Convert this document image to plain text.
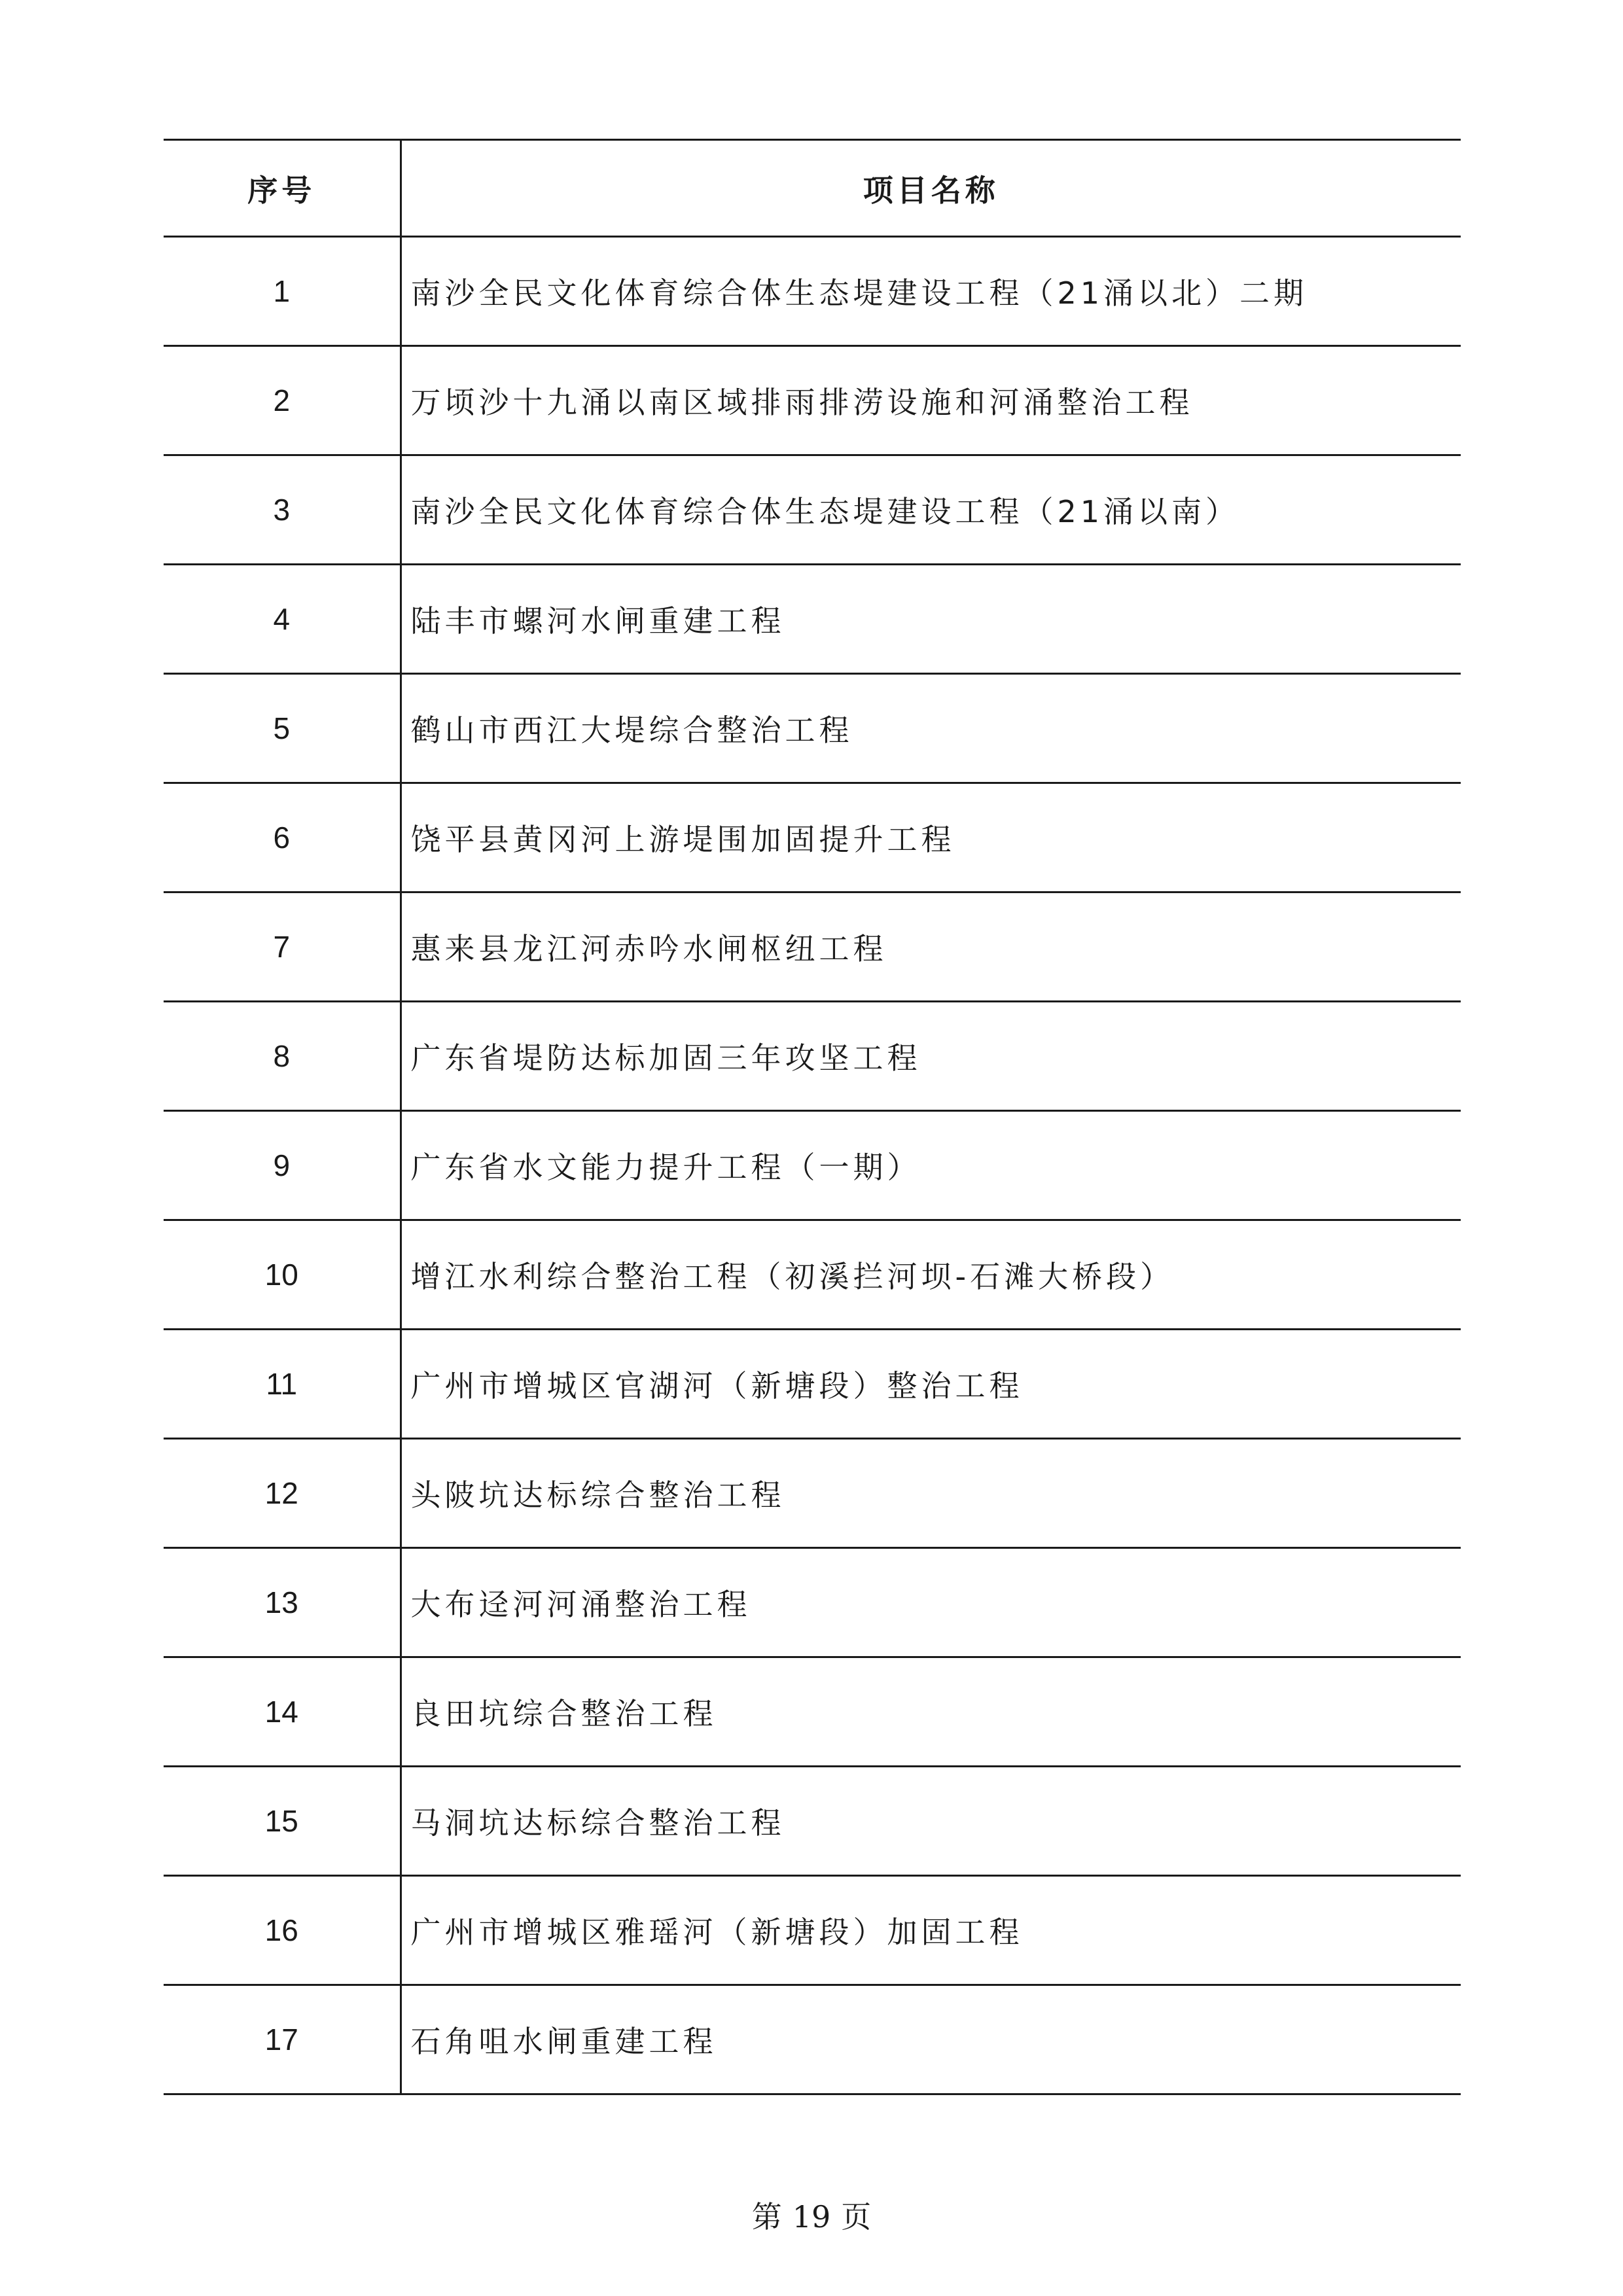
序号	项目名称
1	南沙全民文化体育综合体生态堤建设工程（21涌以北）二期
2	万顷沙十九涌以南区域排雨排涝设施和河涌整治工程
3	南沙全民文化体育综合体生态堤建设工程（21涌以南）
4	陆丰市螺河水闸重建工程
5	鹤山市西江大堤综合整治工程
6	饶平县黄冈河上游堤围加固提升工程
7	惠来县龙江河赤吟水闸枢纽工程
8	广东省堤防达标加固三年攻坚工程
9	广东省水文能力提升工程（一期）
10	增江水利综合整治工程（初溪拦河坝-石滩大桥段）
11	广州市增城区官湖河（新塘段）整治工程
12	头陂坑达标综合整治工程
13	大布迳河河涌整治工程
14	良田坑综合整治工程
15	马洞坑达标综合整治工程
16	广州市增城区雅瑶河（新塘段）加固工程
17	石角咀水闸重建工程
第 19 页
